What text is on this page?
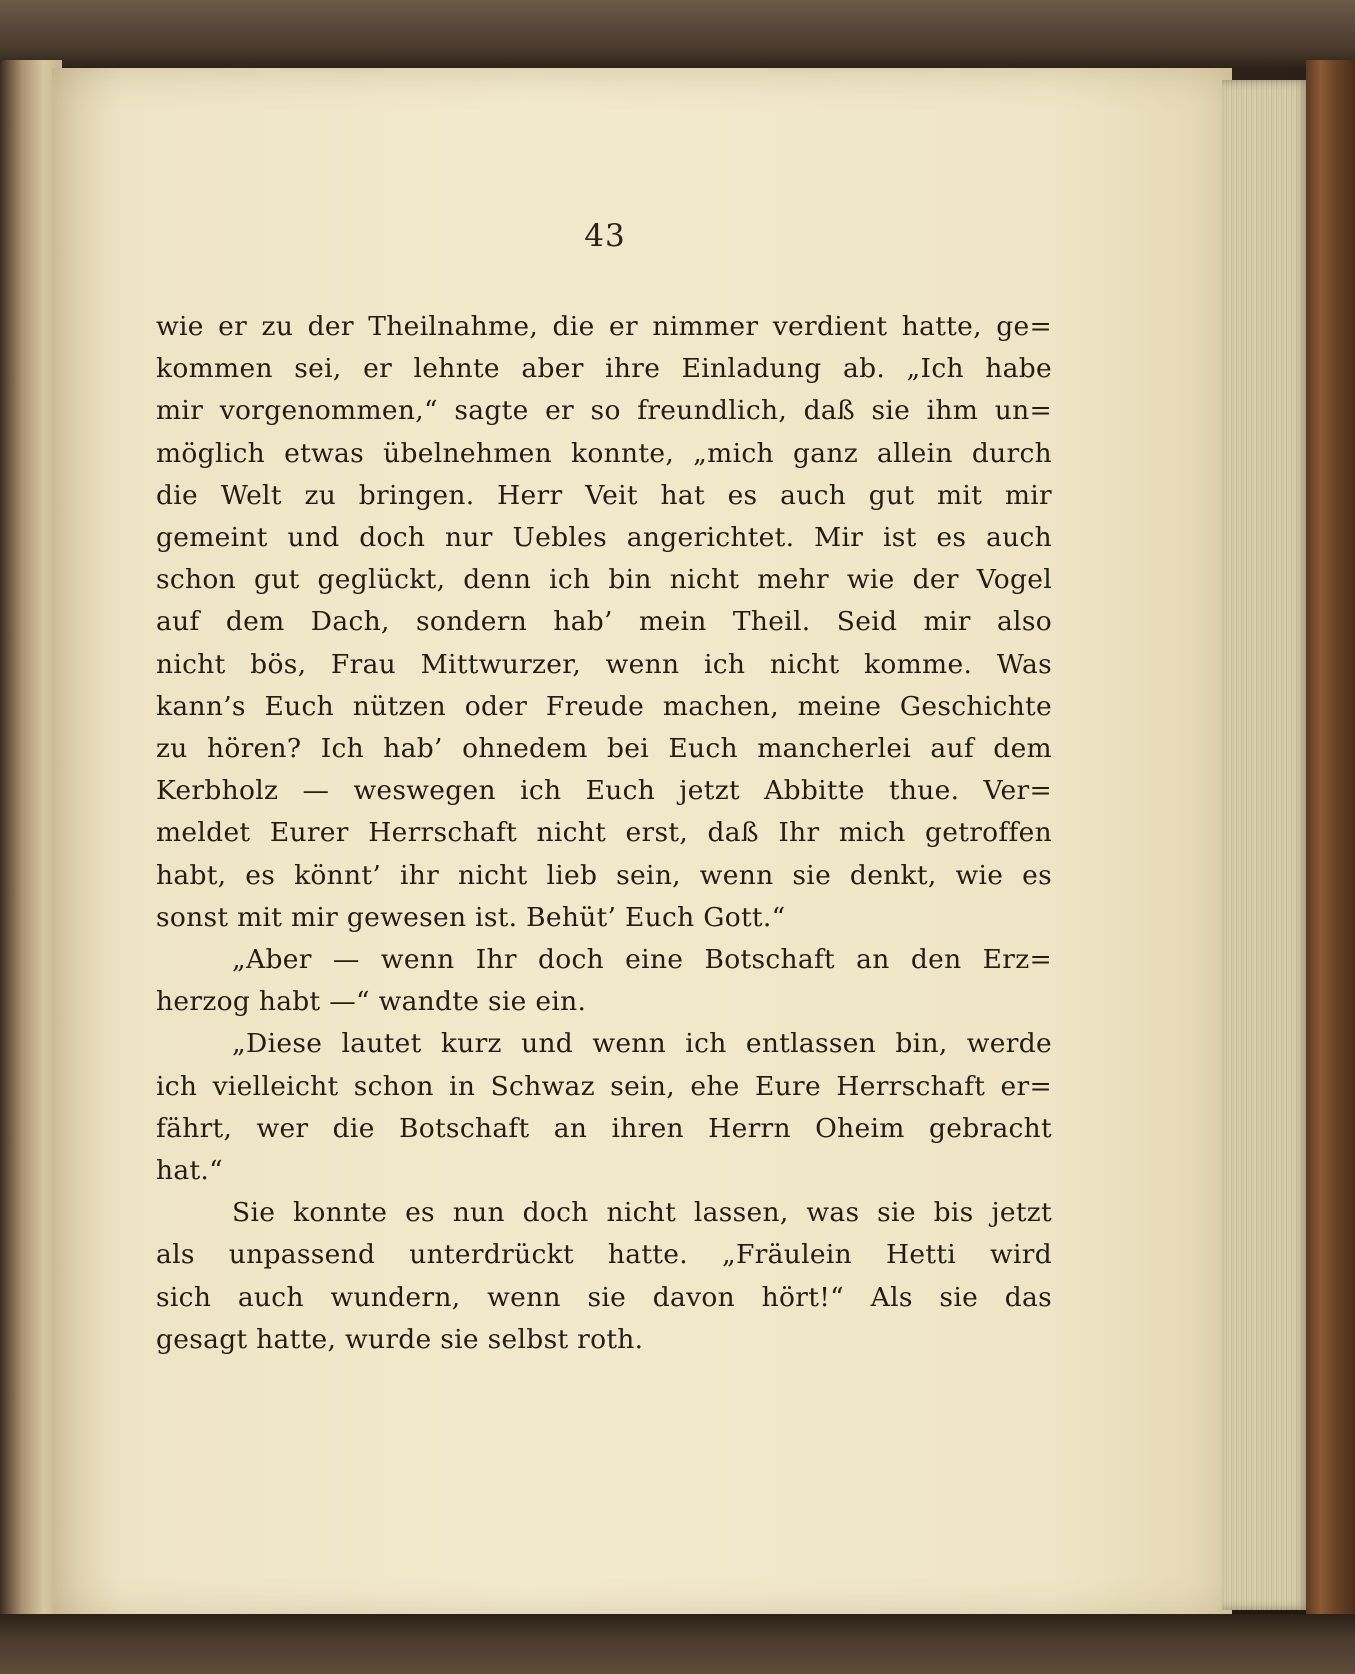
43
wie er zu der Theilnahme, die er nimmer verdient hatte, ge=
kommen sei, er lehnte aber ihre Einladung ab. „Ich habe
mir vorgenommen,“ sagte er so freundlich, daß sie ihm un=
möglich etwas übelnehmen konnte, „mich ganz allein durch
die Welt zu bringen. Herr Veit hat es auch gut mit mir
gemeint und doch nur Uebles angerichtet. Mir ist es auch
schon gut geglückt, denn ich bin nicht mehr wie der Vogel
auf dem Dach, sondern hab’ mein Theil. Seid mir also
nicht bös, Frau Mittwurzer, wenn ich nicht komme. Was
kann’s Euch nützen oder Freude machen, meine Geschichte
zu hören? Ich hab’ ohnedem bei Euch mancherlei auf dem
Kerbholz — weswegen ich Euch jetzt Abbitte thue. Ver=
meldet Eurer Herrschaft nicht erst, daß Ihr mich getroffen
habt, es könnt’ ihr nicht lieb sein, wenn sie denkt, wie es
sonst mit mir gewesen ist. Behüt’ Euch Gott.“
„Aber — wenn Ihr doch eine Botschaft an den Erz=
herzog habt —“ wandte sie ein.
„Diese lautet kurz und wenn ich entlassen bin, werde
ich vielleicht schon in Schwaz sein, ehe Eure Herrschaft er=
fährt, wer die Botschaft an ihren Herrn Oheim gebracht
hat.“
Sie konnte es nun doch nicht lassen, was sie bis jetzt
als unpassend unterdrückt hatte. „Fräulein Hetti wird
sich auch wundern, wenn sie davon hört!“ Als sie das
gesagt hatte, wurde sie selbst roth.
